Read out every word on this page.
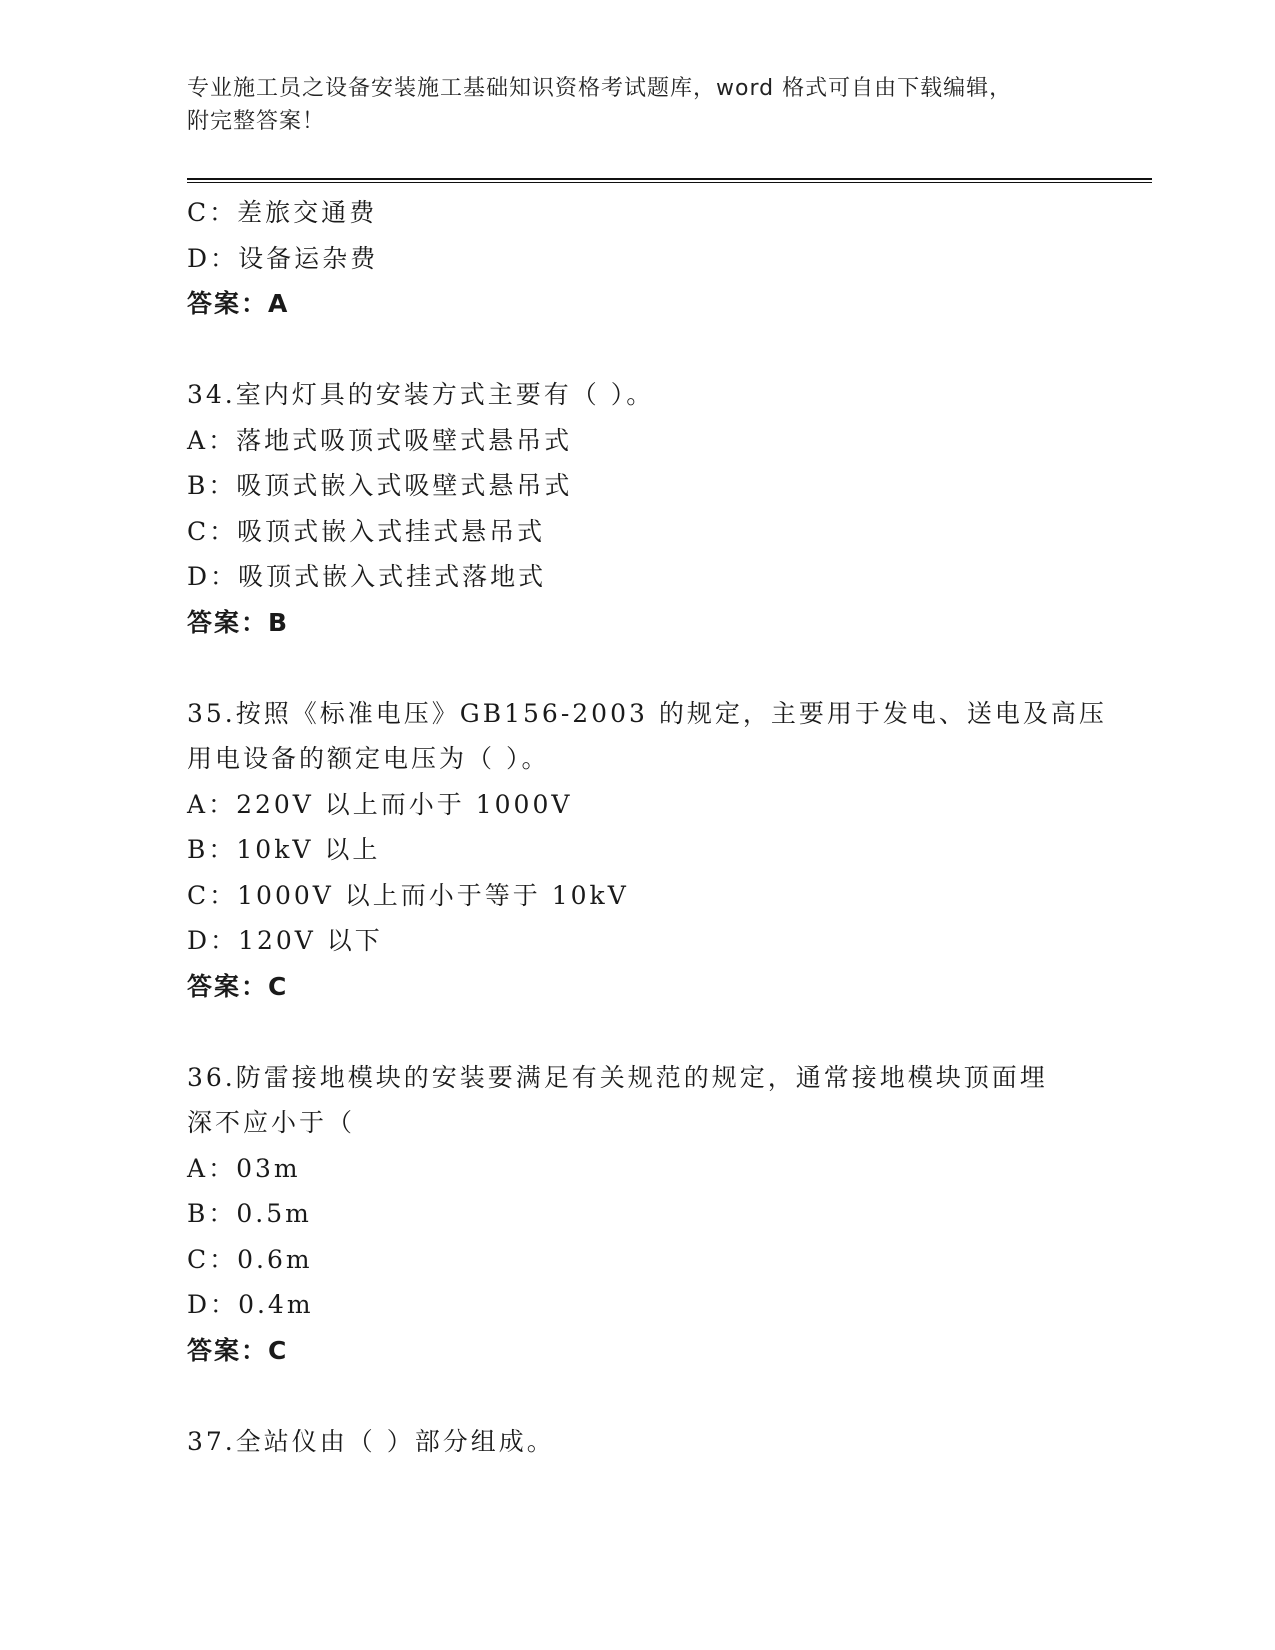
专业施工员之设备安装施工基础知识资格考试题库，word 格式可自由下载编辑，
附完整答案！
C：差旅交通费
D：设备运杂费
答案：A
34.室内灯具的安装方式主要有（ ）。
A：落地式吸顶式吸壁式悬吊式
B：吸顶式嵌入式吸壁式悬吊式
C：吸顶式嵌入式挂式悬吊式
D：吸顶式嵌入式挂式落地式
答案：B
35.按照《标准电压》GB156-2003 的规定，主要用于发电、送电及高压
用电设备的额定电压为（ ）。
A：220V 以上而小于 1000V
B：10kV 以上
C：1000V 以上而小于等于 10kV
D：120V 以下
答案：C
36.防雷接地模块的安装要满足有关规范的规定，通常接地模块顶面埋
深不应小于（
A：03m
B：0.5m
C：0.6m
D：0.4m
答案：C
37.全站仪由（ ）部分组成。
